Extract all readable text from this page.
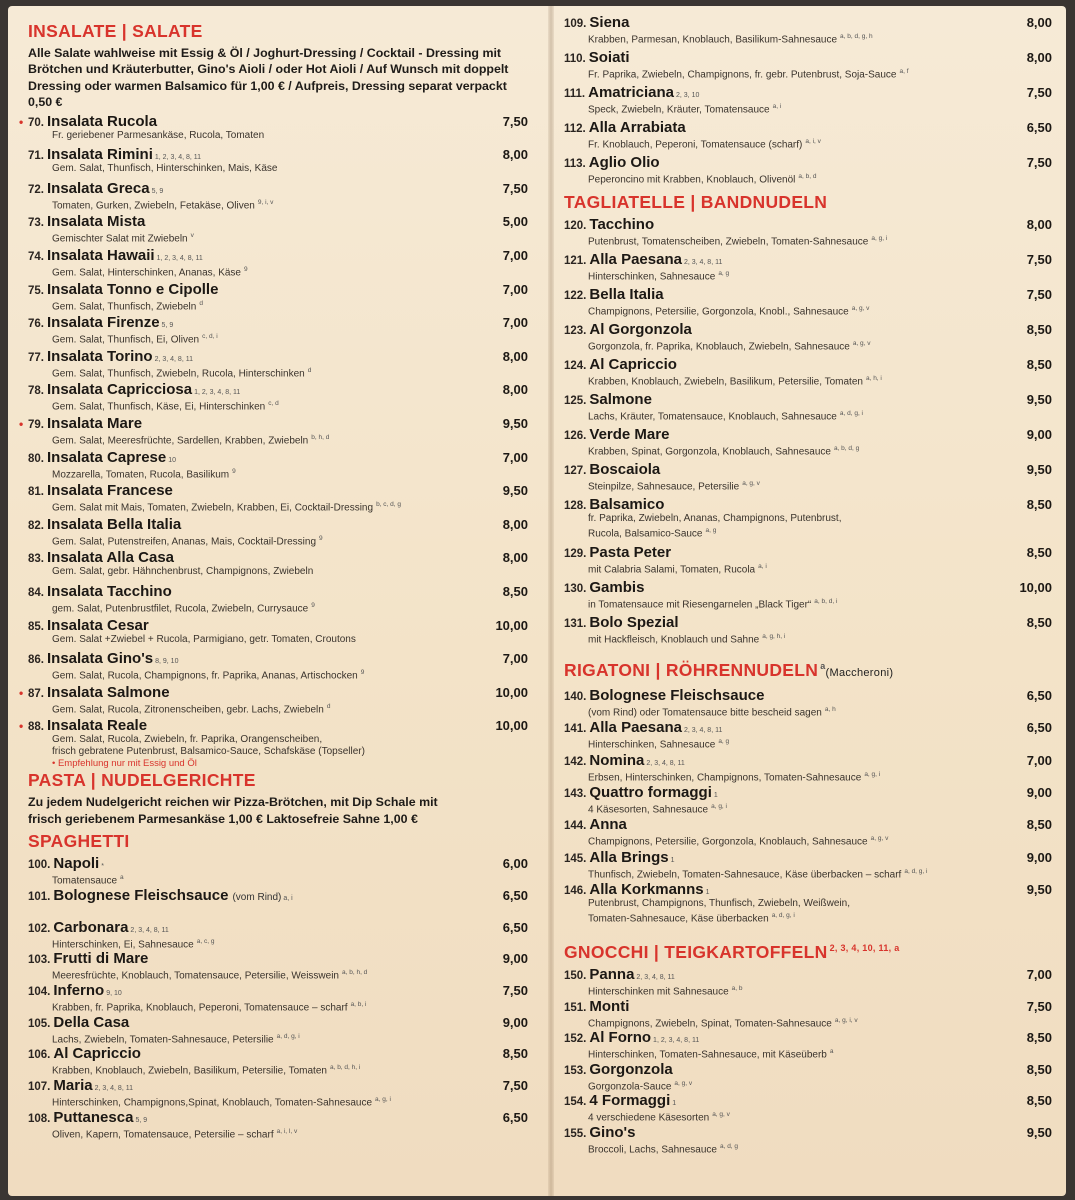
INSALATE | SALATE
Alle Salate wahlweise mit Essig & Öl / Joghurt-Dressing / Cocktail - Dressing mit Brötchen und Kräuterbutter, Gino's Aioli / oder Hot Aioli / Auf Wunsch mit doppelt Dressing oder warmen Balsamico für 1,00 € / Aufpreis, Dressing separat verpackt 0,50 €
• 70. Insalata Rucola	7,50
Fr. geriebener Parmesankäse, Rucola, Tomaten
71. Insalata Rimini 1, 2, 3, 4, 8, 11	8,00
Gem. Salat, Thunfisch, Hinterschinken, Mais, Käse
72. Insalata Greca 5, 9	7,50
Tomaten, Gurken, Zwiebeln, Fetakäse, Oliven $^{9, i, v}$
73. Insalata Mista	5,00
Gemischter Salat mit Zwiebeln $^v$
74. Insalata Hawaii 1, 2, 3, 4, 8, 11	7,00
Gem. Salat, Hinterschinken, Ananas, Käse $^9$
75. Insalata Tonno e Cipolle	7,00
Gem. Salat, Thunfisch, Zwiebeln $^d$
76. Insalata Firenze 5, 9	7,00
Gem. Salat, Thunfisch, Ei, Oliven $^{c, d, i}$
77. Insalata Torino 2, 3, 4, 8, 11	8,00
Gem. Salat, Thunfisch, Zwiebeln, Rucola, Hinterschinken $^d$
78. Insalata Capricciosa 1, 2, 3, 4, 8, 11	8,00
Gem. Salat, Thunfisch, Käse, Ei, Hinterschinken $^{c, d}$
• 79. Insalata Mare	9,50
Gem. Salat, Meeresfrüchte, Sardellen, Krabben, Zwiebeln $^{b, h, d}$
80. Insalata Caprese 10	7,00
Mozzarella, Tomaten, Rucola, Basilikum $^9$
81. Insalata Francese	9,50
Gem. Salat mit Mais, Tomaten, Zwiebeln, Krabben, Ei, Cocktail-Dressing $^{b, c, d, g}$
82. Insalata Bella Italia	8,00
Gem. Salat, Putenstreifen, Ananas, Mais, Cocktail-Dressing $^9$
83. Insalata Alla Casa	8,00
Gem. Salat, gebr. Hähnchenbrust, Champignons, Zwiebeln
84. Insalata Tacchino	8,50
gem. Salat, Putenbrustfilet, Rucola, Zwiebeln, Currysauce $^9$
85. Insalata Cesar	10,00
Gem. Salat +Zwiebel + Rucola, Parmigiano, getr. Tomaten, Croutons
86. Insalata Gino's 8, 9, 10	7,00
Gem. Salat, Rucola, Champignons, fr. Paprika, Ananas, Artischocken $^9$
• 87. Insalata Salmone	10,00
Gem. Salat, Rucola, Zitronenscheiben, gebr. Lachs, Zwiebeln $^d$
• 88. Insalata Reale	10,00
Gem. Salat, Rucola, Zwiebeln, fr. Paprika, Orangenscheiben,
frisch gebratene Putenbrust, Balsamico-Sauce, Schafskäse (Topseller)
• Empfehlung nur mit Essig und Öl
PASTA | NUDELGERICHTE
Zu jedem Nudelgericht reichen wir Pizza-Brötchen, mit Dip Schale mit frisch geriebenem Parmesankäse 1,00 € Laktosefreie Sahne 1,00 €
SPAGHETTI
100. Napoli *	6,00
Tomatensauce $^a$
101. Bolognese Fleischsauce (vom Rind) a, i	6,50
102. Carbonara 2, 3, 4, 8, 11	6,50
Hinterschinken, Ei, Sahnesauce $^{a, c, g}$
103. Frutti di Mare	9,00
Meeresfrüchte, Knoblauch, Tomatensauce, Petersilie, Weisswein $^{a, b, h, d}$
104. Inferno 9, 10	7,50
Krabben, fr. Paprika, Knoblauch, Peperoni, Tomatensauce – scharf $^{a, b, i}$
105. Della Casa	9,00
Lachs, Zwiebeln, Tomaten-Sahnesauce, Petersilie $^{a, d, g, i}$
106. Al Capriccio	8,50
Krabben, Knoblauch, Zwiebeln, Basilikum, Petersilie, Tomaten $^{a, b, d, h, i}$
107. Maria 2, 3, 4, 8, 11	7,50
Hinterschinken, Champignons,Spinat, Knoblauch, Tomaten-Sahnesauce $^{a, g, i}$
108. Puttanesca 5, 9	6,50
Oliven, Kapern, Tomatensauce, Petersilie – scharf $^{a, i, l, v}$
109. Siena	8,00
Krabben, Parmesan, Knoblauch, Basilikum-Sahnesauce $^{a, b, d, g, h}$
110. Soiati	8,00
Fr. Paprika, Zwiebeln, Champignons, fr. gebr. Putenbrust, Soja-Sauce $^{a, f}$
111. Amatriciana 2, 3, 10	7,50
Speck, Zwiebeln, Kräuter, Tomatensauce $^{a, i}$
112. Alla Arrabiata	6,50
Fr. Knoblauch, Peperoni, Tomatensauce (scharf) $^{a, i, v}$
113. Aglio Olio	7,50
Peperoncino mit Krabben, Knoblauch, Olivenöl $^{a, b, d}$
TAGLIATELLE | BANDNUDELN
120. Tacchino	8,00
Putenbrust, Tomatenscheiben, Zwiebeln, Tomaten-Sahnesauce $^{a, g, i}$
121. Alla Paesana 2, 3, 4, 8, 11	7,50
Hinterschinken, Sahnesauce $^{a, g}$
122. Bella Italia	7,50
Champignons, Petersilie, Gorgonzola, Knobl., Sahnesauce $^{a, g, v}$
123. Al Gorgonzola	8,50
Gorgonzola, fr. Paprika, Knoblauch, Zwiebeln, Sahnesauce $^{a, g, v}$
124. Al Capriccio	8,50
Krabben, Knoblauch, Zwiebeln, Basilikum, Petersilie, Tomaten $^{a, h, i}$
125. Salmone	9,50
Lachs, Kräuter, Tomatensauce, Knoblauch, Sahnesauce $^{a, d, g, i}$
126. Verde Mare	9,00
Krabben, Spinat, Gorgonzola, Knoblauch, Sahnesauce $^{a, b, d, g}$
127. Boscaiola	9,50
Steinpilze, Sahnesauce, Petersilie $^{a, g, v}$
128. Balsamico	8,50
fr. Paprika, Zwiebeln, Ananas, Champignons, Putenbrust,
Rucola, Balsamico-Sauce $^{a, g}$
129. Pasta Peter	8,50
mit Calabria Salami, Tomaten, Rucola $^{a, i}$
130. Gambis	10,00
in Tomatensauce mit Riesengarnelen „Black Tiger“ $^{a, b, d, i}$
131. Bolo Spezial	8,50
mit Hackfleisch, Knoblauch und Sahne $^{a, g, h, i}$
RIGATONI | RÖHRENNUDELN $^a$(Maccheroni)
140. Bolognese Fleischsauce	6,50
(vom Rind) oder Tomatensauce bitte bescheid sagen $^{a, h}$
141. Alla Paesana 2, 3, 4, 8, 11	6,50
Hinterschinken, Sahnesauce $^{a, g}$
142. Nomina 2, 3, 4, 8, 11	7,00
Erbsen, Hinterschinken, Champignons, Tomaten-Sahnesauce $^{a, g, i}$
143. Quattro formaggi 1	9,00
4 Käsesorten, Sahnesauce $^{a, g, i}$
144. Anna	8,50
Champignons, Petersilie, Gorgonzola, Knoblauch, Sahnesauce $^{a, g, v}$
145. Alla Brings 1	9,00
Thunfisch, Zwiebeln, Tomaten-Sahnesauce, Käse überbacken – scharf $^{a, d, g, i}$
146. Alla Korkmanns 1	9,50
Putenbrust, Champignons, Thunfisch, Zwiebeln, Weißwein,
Tomaten-Sahnesauce, Käse überbacken $^{a, d, g, i}$
GNOCCHI | TEIGKARTOFFELN $^{2, 3, 4, 10, 11, a}$
150. Panna 2, 3, 4, 8, 11	7,00
Hinterschinken mit Sahnesauce $^{a, b}$
151. Monti	7,50
Champignons, Zwiebeln, Spinat, Tomaten-Sahnesauce $^{a, g, i, v}$
152. Al Forno 1, 2, 3, 4, 8, 11	8,50
Hinterschinken, Tomaten-Sahnesauce, mit Käseüberb $^a$
153. Gorgonzola	8,50
Gorgonzola-Sauce $^{a, g, v}$
154. 4 Formaggi 1	8,50
4 verschiedene Käsesorten $^{a, g, v}$
155. Gino's	9,50
Broccoli, Lachs, Sahnesauce $^{a, d, g}$
